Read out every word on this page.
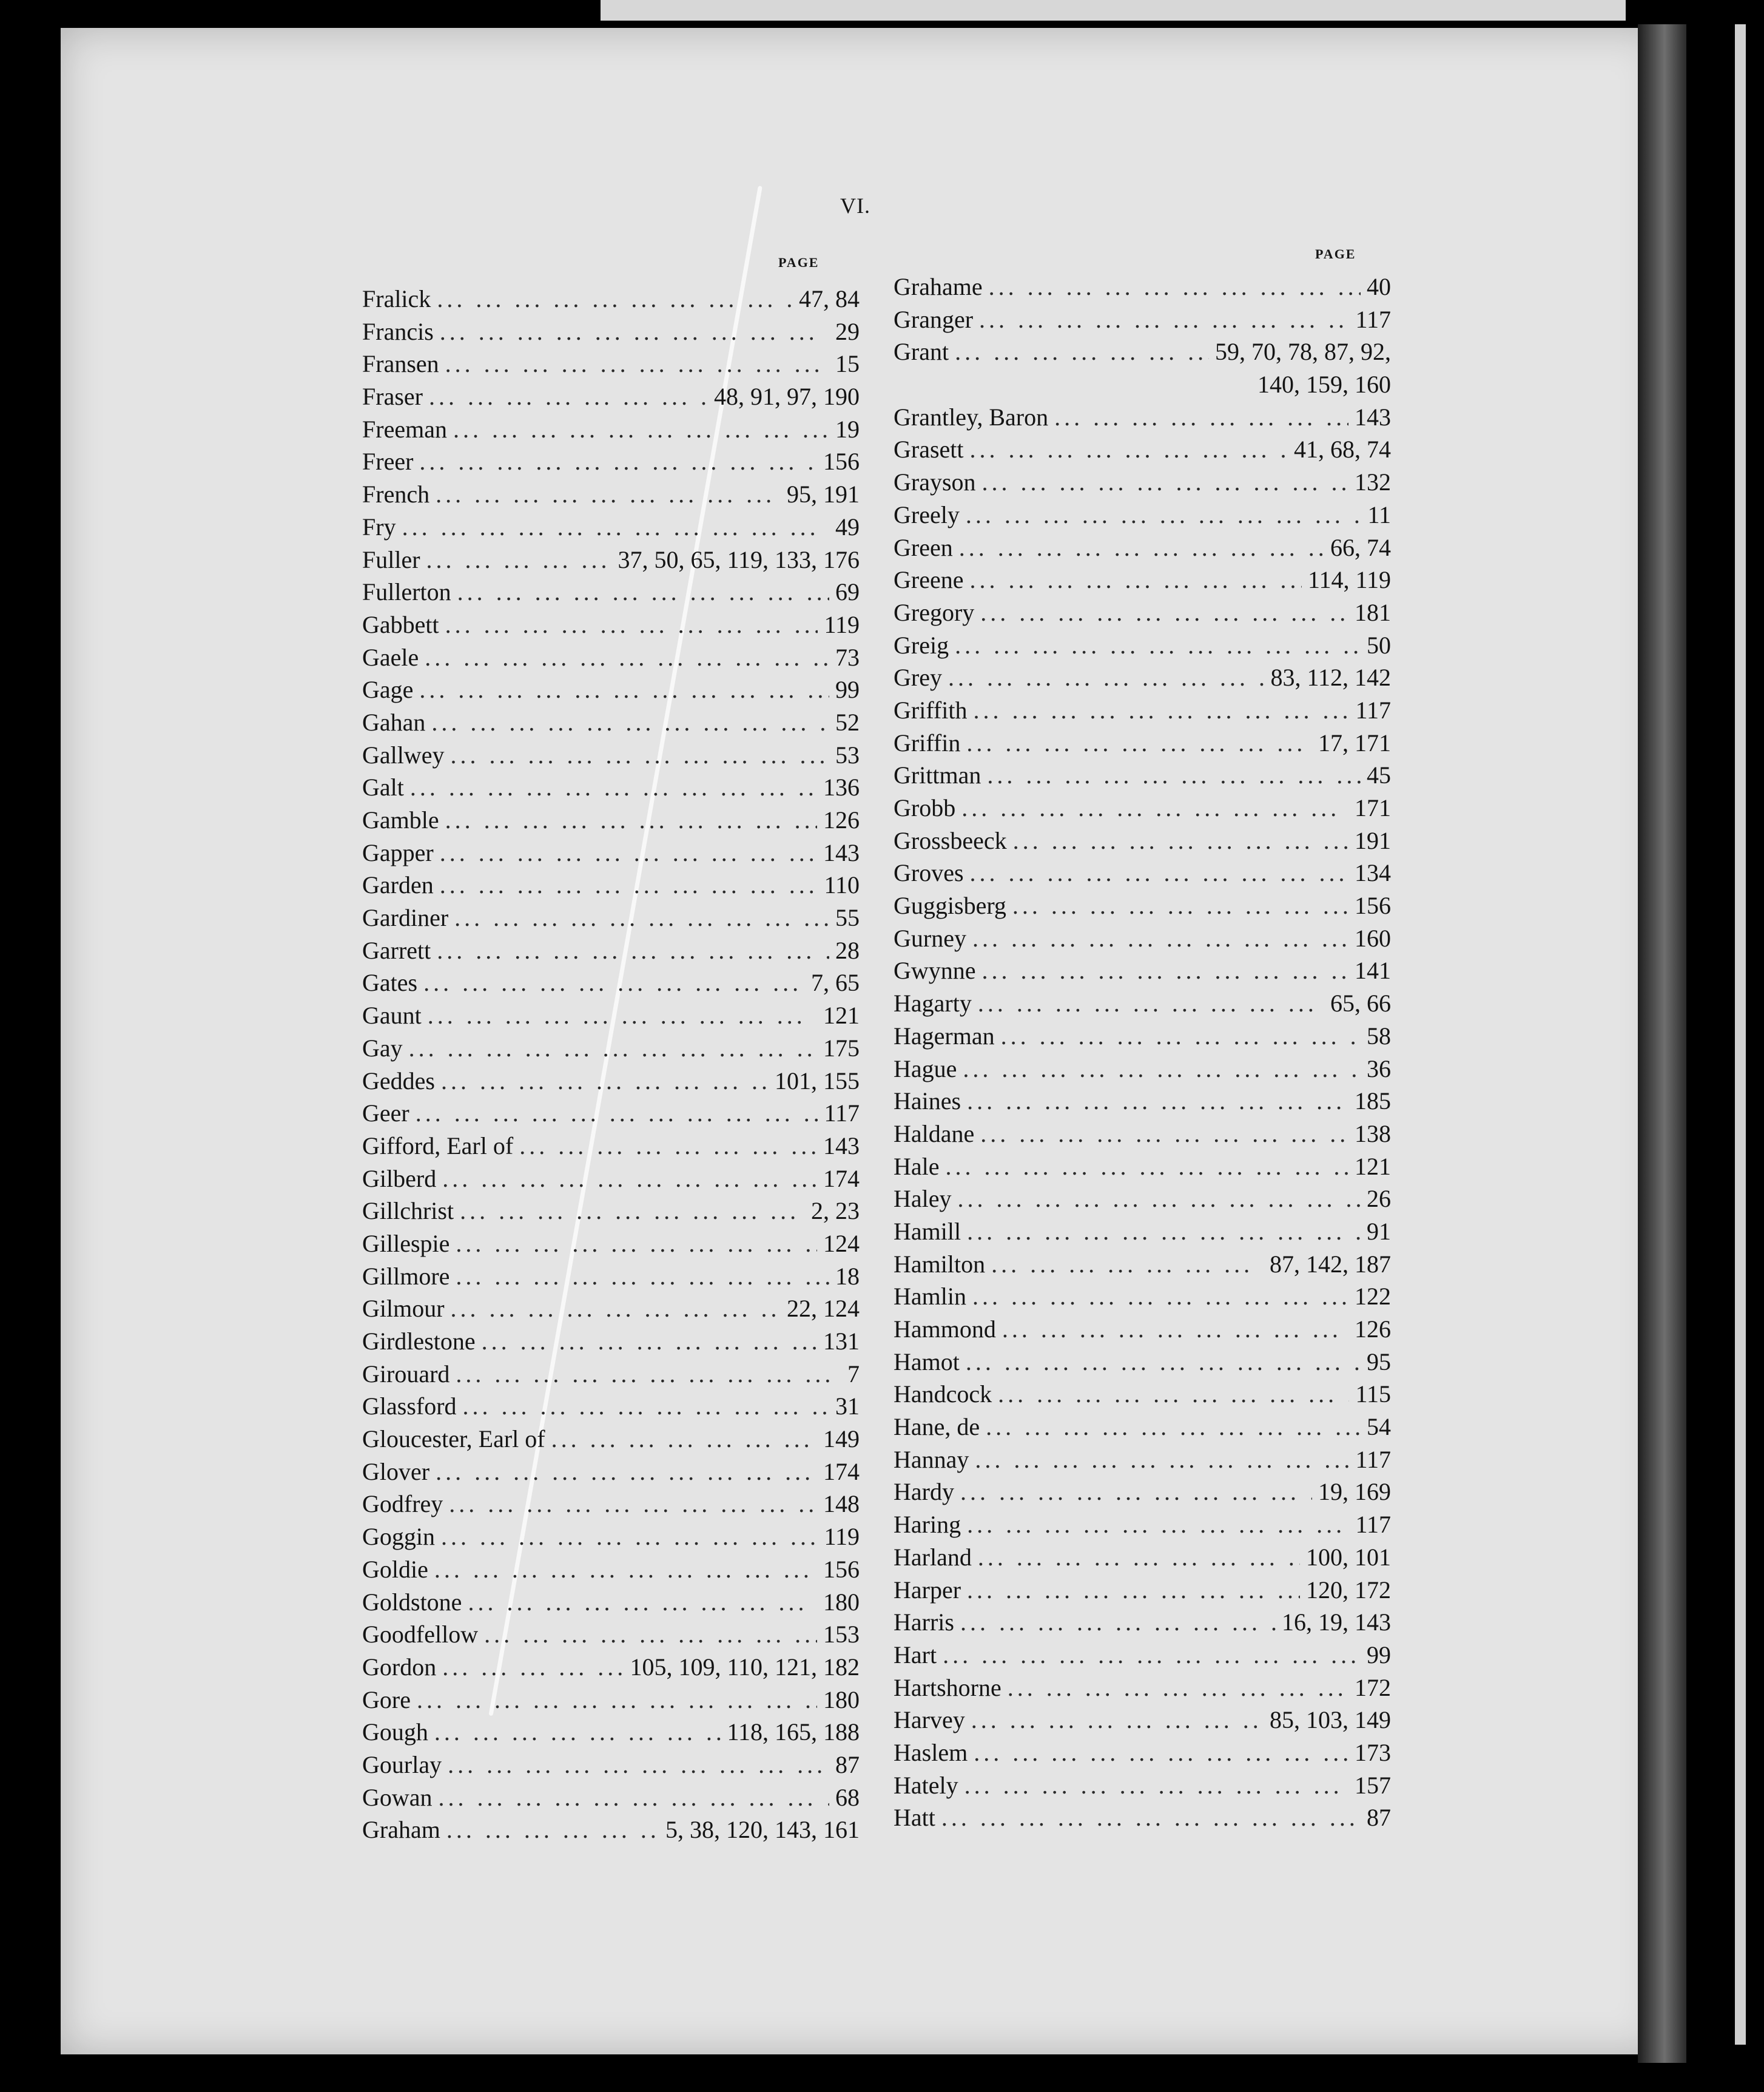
VI.
PAGE
PAGE
Fralick ... .	47, 84
Francis ... .	29
Fransen ... .	15
Fraser ... .	48, 91, 97, 190
Freeman ... .	19
Freer ... .	156
French ... .	95, 191
Fry ... .	49
Fuller ... .	37, 50, 65, 119, 133, 176
Fullerton ... .	69
Gabbett ... .	119
Gaele ... .	73
Gage ... .	99
Gahan ... .	52
Gallwey ... .	53
Galt ... .	136
Gamble ... .	126
Gapper ... .	143
Garden ... .	110
Gardiner ... .	55
Garrett ... .	28
Gates ... .	7, 65
Gaunt ... .	121
Gay ... .	175
Geddes ... .	101, 155
Geer ... .	117
Gifford, Earl of ... .	143
Gilberd ... .	174
Gillchrist ... .	2, 23
Gillespie ... .	124
Gillmore ... .	18
Gilmour ... .	22, 124
Girdlestone ... .	131
Girouard ... .	7
Glassford ... .	31
Gloucester, Earl of ... .	149
Glover ... .	174
Godfrey ... .	148
Goggin ... .	119
Goldie ... .	156
Goldstone ... .	180
Goodfellow ... .	153
Gordon ... .	105, 109, 110, 121, 182
Gore ... .	180
Gough ... .	118, 165, 188
Gourlay ... .	87
Gowan ... .	68
Graham ... .	5, 38, 120, 143, 161
Grahame ... .	40
Granger ... .	117
Grant ... .	59, 70, 78, 87, 92,
140, 159, 160
Grantley, Baron ... .	143
Grasett ... .	41, 68, 74
Grayson ... .	132
Greely ... .	11
Green ... .	66, 74
Greene ... .	114, 119
Gregory ... .	181
Greig ... .	50
Grey ... .	83, 112, 142
Griffith ... .	117
Griffin ... .	17, 171
Grittman ... .	45
Grobb ... .	171
Grossbeeck ... .	191
Groves ... .	134
Guggisberg ... .	156
Gurney ... .	160
Gwynne ... .	141
Hagarty ... .	65, 66
Hagerman ... .	58
Hague ... .	36
Haines ... .	185
Haldane ... .	138
Hale ... .	121
Haley ... .	26
Hamill ... .	91
Hamilton ... .	87, 142, 187
Hamlin ... .	122
Hammond ... .	126
Hamot ... .	95
Handcock ... .	115
Hane, de ... .	54
Hannay ... .	117
Hardy ... .	19, 169
Haring ... .	117
Harland ... .	100, 101
Harper ... .	120, 172
Harris ... .	16, 19, 143
Hart ... .	99
Hartshorne ... .	172
Harvey ... .	85, 103, 149
Haslem ... .	173
Hately ... .	157
Hatt ... .	87
